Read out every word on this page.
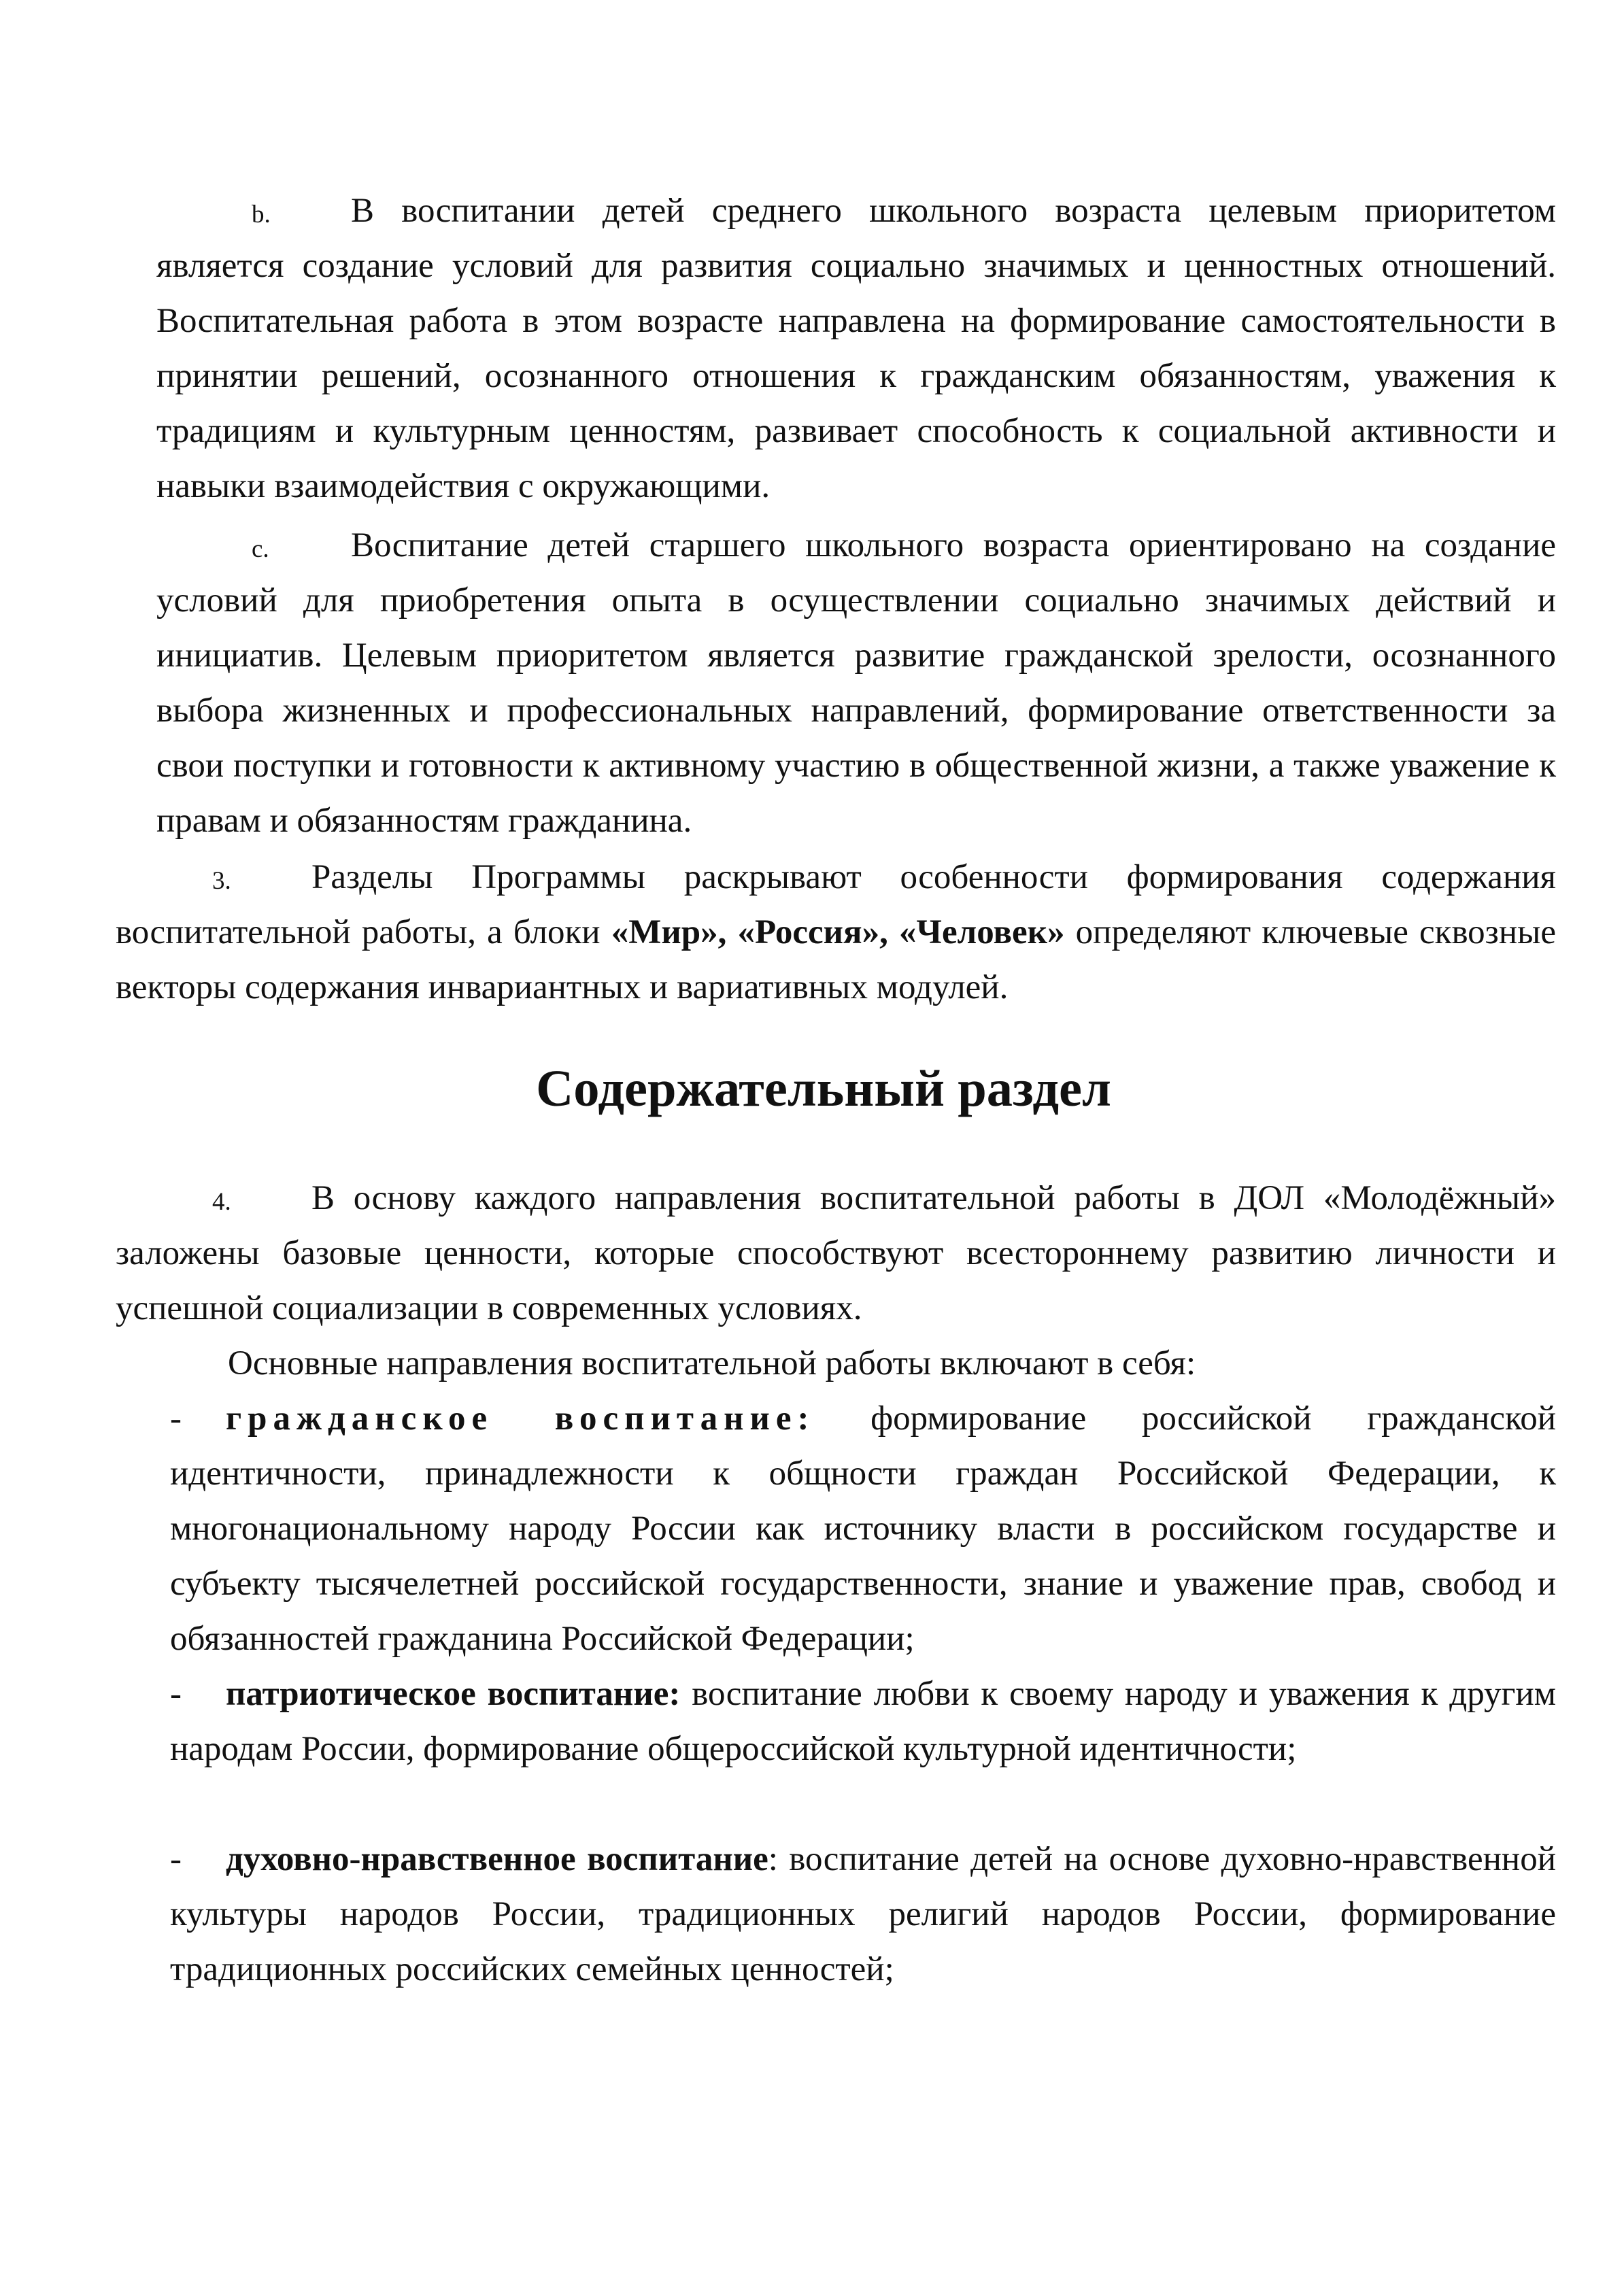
b.	В воспитании детей среднего школьного возраста целевым приоритетом является создание условий для развития социально значимых и ценностных отношений. Воспитательная работа в этом возрасте направлена на формирование самостоятельности в принятии решений, осознанного отношения к гражданским обязанностям, уважения к традициям и культурным ценностям, развивает способность к социальной активности и навыки взаимодействия с окружающими.

c.	Воспитание детей старшего школьного возраста ориентировано на создание условий для приобретения опыта в осуществлении социально значимых действий и инициатив. Целевым приоритетом является развитие гражданской зрелости, осознанного выбора жизненных и профессиональных направлений, формирование ответственности за свои поступки и готовности к активному участию в общественной жизни, а также уважение к правам и обязанностям гражданина.

3.	Разделы Программы раскрывают особенности формирования содержания воспитательной работы, а блоки «Мир», «Россия», «Человек» определяют ключевые сквозные векторы содержания инвариантных и вариативных модулей.

Содержательный раздел
4.	В основу каждого направления воспитательной работы в ДОЛ «Молодёжный» заложены базовые ценности, которые способствуют всестороннему развитию личности и успешной социализации в современных условиях.

Основные направления воспитательной работы включают в себя:

-	гражданское воспитание: формирование российской гражданской идентичности, принадлежности к общности граждан Российской Федерации, к многонациональному народу России как источнику власти в российском государстве и субъекту тысячелетней российской государственности, знание и уважение прав, свобод и обязанностей гражданина Российской Федерации;

-	патриотическое воспитание: воспитание любви к своему народу и уважения к другим народам России, формирование общероссийской культурной идентичности;

-	духовно-нравственное воспитание: воспитание детей на основе духовно-нравственной культуры народов России, традиционных религий народов России, формирование традиционных российских семейных ценностей;
